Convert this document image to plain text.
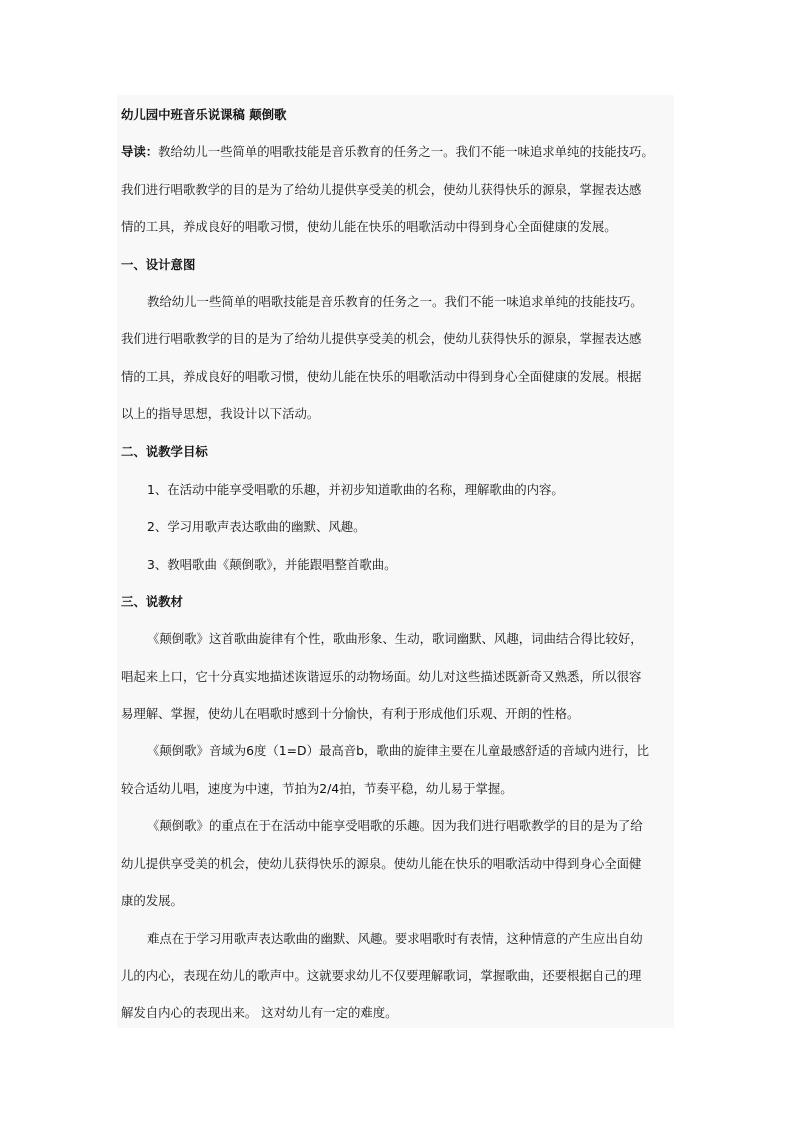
幼儿园中班音乐说课稿 颠倒歌
导读：教给幼儿一些简单的唱歌技能是音乐教育的任务之一。我们不能一味追求单纯的技能技巧。
我们进行唱歌教学的目的是为了给幼儿提供享受美的机会，使幼儿获得快乐的源泉，掌握表达感
情的工具，养成良好的唱歌习惯，使幼儿能在快乐的唱歌活动中得到身心全面健康的发展。
一、设计意图
教给幼儿一些简单的唱歌技能是音乐教育的任务之一。我们不能一味追求单纯的技能技巧。
我们进行唱歌教学的目的是为了给幼儿提供享受美的机会，使幼儿获得快乐的源泉，掌握表达感
情的工具，养成良好的唱歌习惯，使幼儿能在快乐的唱歌活动中得到身心全面健康的发展。根据
以上的指导思想，我设计以下活动。
二、说教学目标
1、在活动中能享受唱歌的乐趣，并初步知道歌曲的名称，理解歌曲的内容。
2、学习用歌声表达歌曲的幽默、风趣。
3、教唱歌曲《颠倒歌》，并能跟唱整首歌曲。
三、说教材
《颠倒歌》这首歌曲旋律有个性，歌曲形象、生动，歌词幽默、风趣，词曲结合得比较好，
唱起来上口，它十分真实地描述诙谐逗乐的动物场面。幼儿对这些描述既新奇又熟悉，所以很容
易理解、掌握，使幼儿在唱歌时感到十分愉快，有利于形成他们乐观、开朗的性格。
《颠倒歌》音域为6度（1=D）最高音b，歌曲的旋律主要在儿童最感舒适的音域内进行，比
较合适幼儿唱，速度为中速，节拍为2/4拍，节奏平稳，幼儿易于掌握。
《颠倒歌》的重点在于在活动中能享受唱歌的乐趣。因为我们进行唱歌教学的目的是为了给
幼儿提供享受美的机会，使幼儿获得快乐的源泉。使幼儿能在快乐的唱歌活动中得到身心全面健
康的发展。
难点在于学习用歌声表达歌曲的幽默、风趣。要求唱歌时有表情，这种情意的产生应出自幼
儿的内心，表现在幼儿的歌声中。这就要求幼儿不仅要理解歌词，掌握歌曲，还要根据自己的理
解发自内心的表现出来。 这对幼儿有一定的难度。
